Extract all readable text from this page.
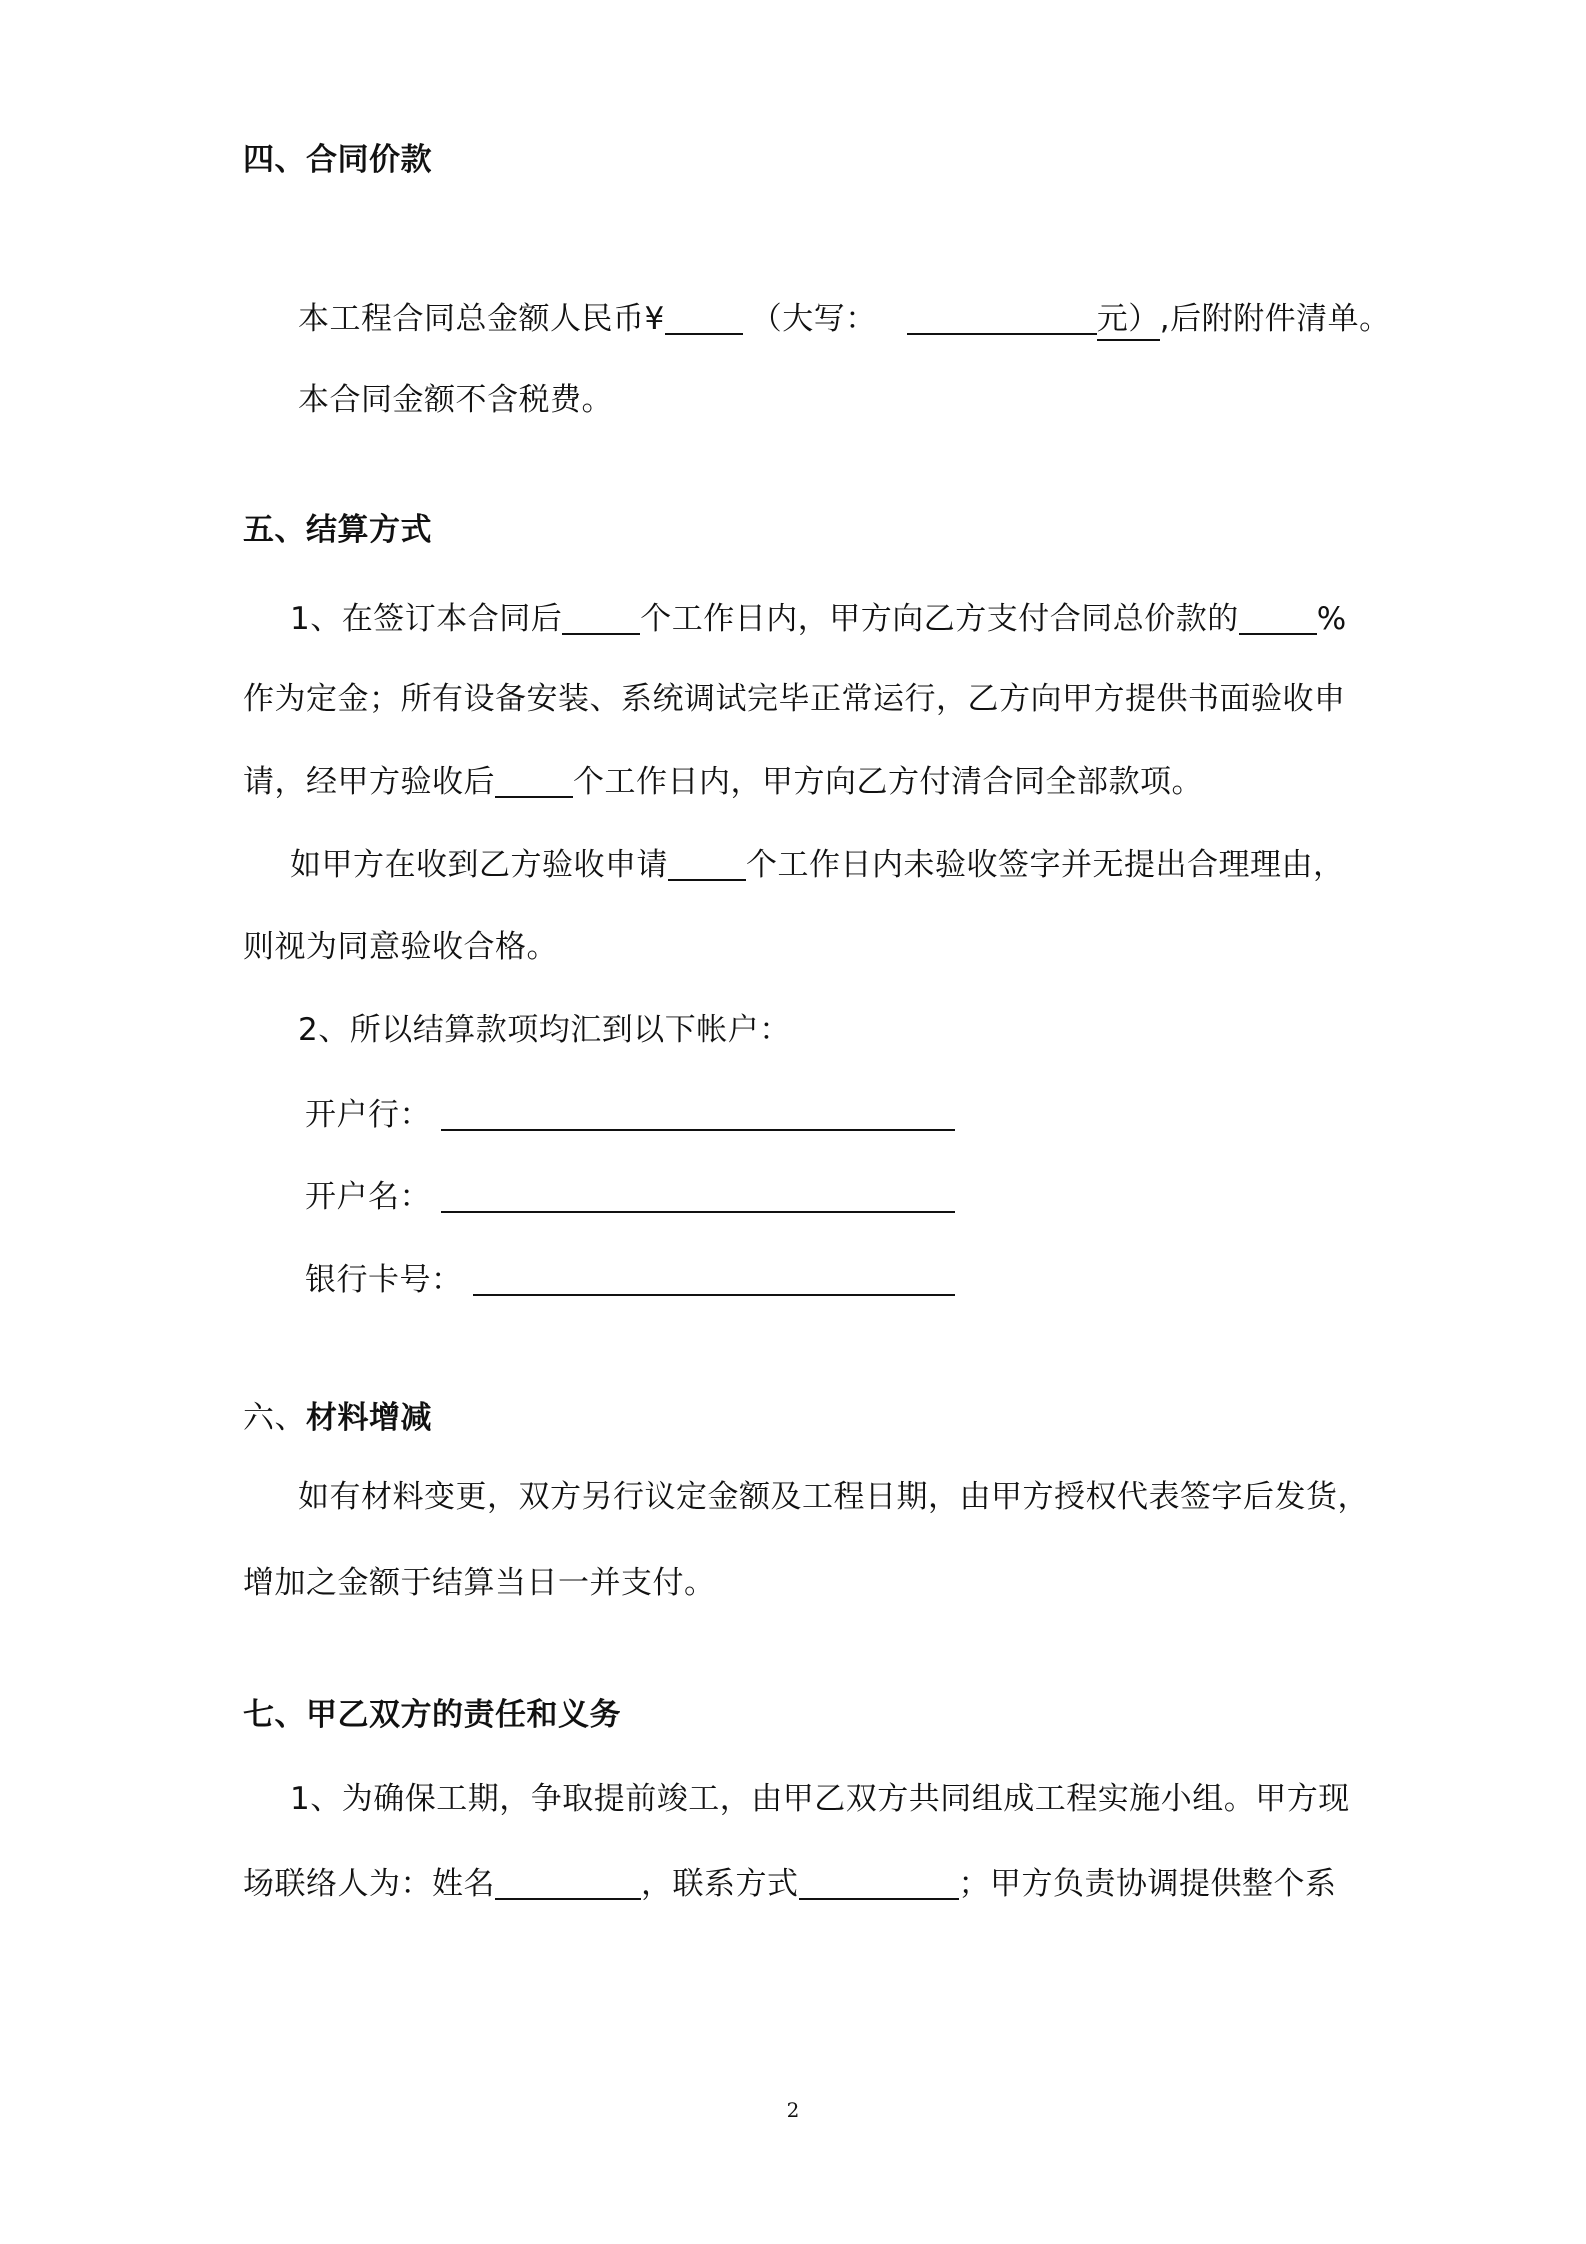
四、合同价款
本工程合同总金额人民币¥	（大写：	元）,后附附件清单。
本合同金额不含税费。
五、结算方式
1、在签订本合同后	个工作日内，甲方向乙方支付合同总价款的	%
作为定金；所有设备安装、系统调试完毕正常运行，乙方向甲方提供书面验收申
请，经甲方验收后	个工作日内，甲方向乙方付清合同全部款项。
如甲方在收到乙方验收申请	个工作日内未验收签字并无提出合理理由，
则视为同意验收合格。
2、所以结算款项均汇到以下帐户：
开户行：
开户名：
银行卡号：
六、材料增减
如有材料变更，双方另行议定金额及工程日期，由甲方授权代表签字后发货，
增加之金额于结算当日一并支付。
七、甲乙双方的责任和义务
1、为确保工期，争取提前竣工，由甲乙双方共同组成工程实施小组。甲方现
场联络人为：姓名	，联系方式	；甲方负责协调提供整个系
2
